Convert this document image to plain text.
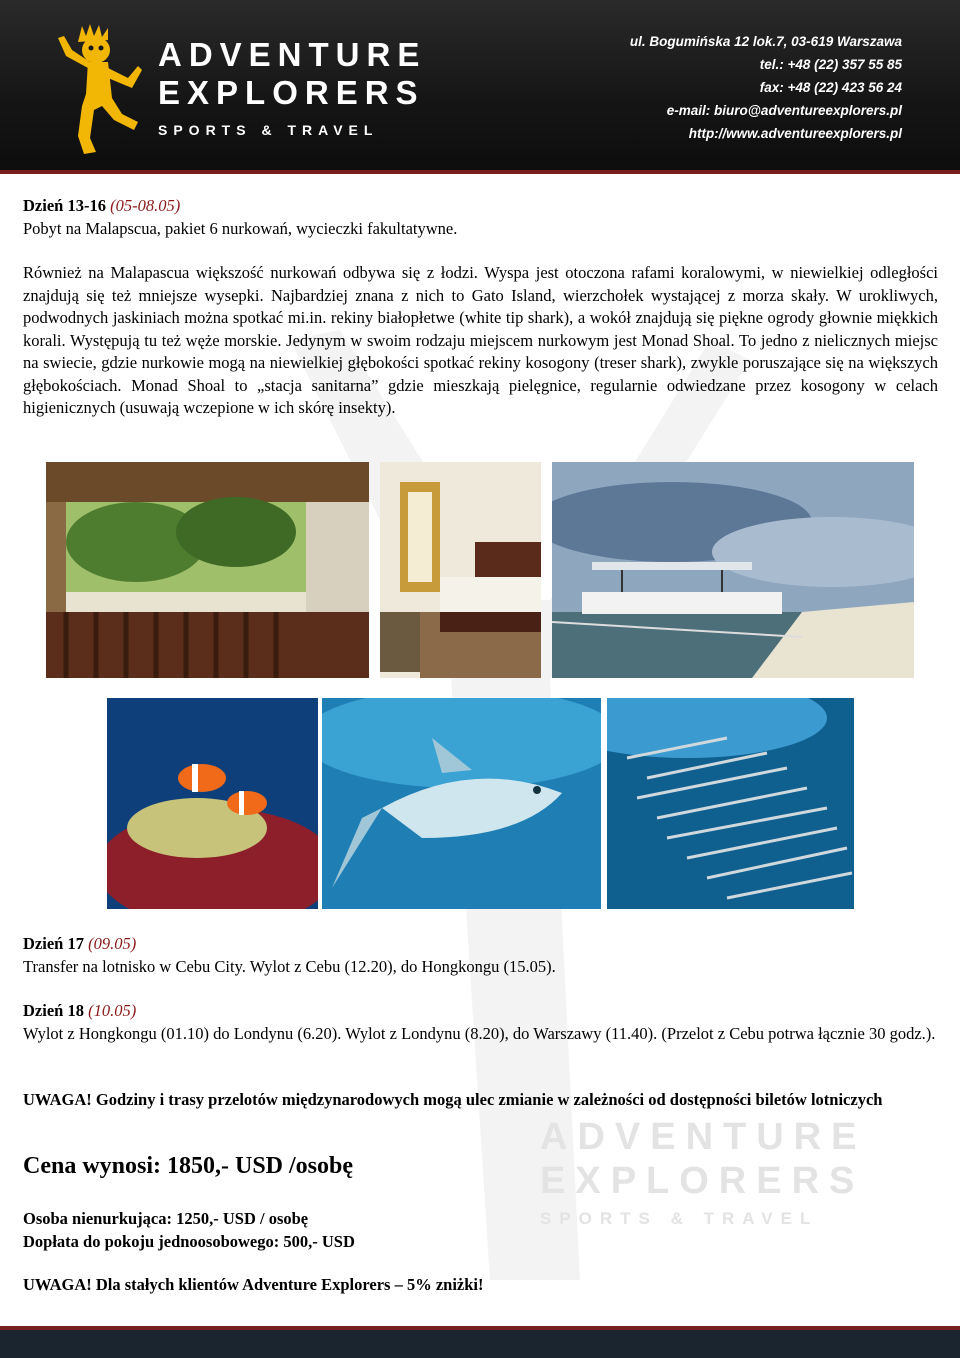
ADVENTURE
EXPLORERS
SPORTS & TRAVEL
ADVENTURE
EXPLORERS
SPORTS & TRAVEL
ul. Bogumińska 12 lok.7, 03-619 Warszawa
tel.: +48 (22) 357 55 85
fax: +48 (22) 423 56 24
e-mail: biuro@adventureexplorers.pl
http://www.adventureexplorers.pl

Dzień 13-16 (05-08.05)

Pobyt na Malapscua, pakiet 6 nurkowań, wycieczki fakultatywne.

Również na Malapascua większość nurkowań odbywa się z łodzi. Wyspa jest otoczona rafami koralowymi, w niewielkiej odległości znajdują się też mniejsze wysepki. Najbardziej znana z nich to Gato Island, wierzchołek wystającej z morza skały. W urokliwych, podwodnych jaskiniach można spotkać mi.in. rekiny białopłetwe (white tip shark), a wokół znajdują się piękne ogrody głownie miękkich korali. Występują tu też węże morskie. Jedynym w swoim rodzaju miejscem nurkowym jest Monad Shoal. To jedno z nielicznych miejsc na swiecie, gdzie nurkowie mogą na niewielkiej głębokości spotkać rekiny kosogony (treser shark), zwykle poruszające się na większych głębokościach. Monad Shoal to „stacja sanitarna” gdzie mieszkają pielęgnice, regularnie odwiedzane przez kosogony w celach higienicznych (usuwają wczepione w ich skórę insekty).

Dzień 17 (09.05)

Transfer na lotnisko w Cebu City. Wylot z Cebu (12.20), do Hongkongu (15.05).

Dzień 18 (10.05)

Wylot z Hongkongu (01.10) do Londynu (6.20). Wylot z Londynu (8.20), do Warszawy (11.40). (Przelot z Cebu potrwa łącznie 30 godz.).

UWAGA! Godziny i trasy przelotów międzynarodowych mogą ulec zmianie w zależności od dostępności biletów lotniczych

Cena wynosi: 1850,- USD /osobę

Osoba nienurkująca: 1250,- USD / osobę

Dopłata do pokoju jednoosobowego: 500,- USD

UWAGA! Dla stałych klientów Adventure Explorers – 5% zniżki!
